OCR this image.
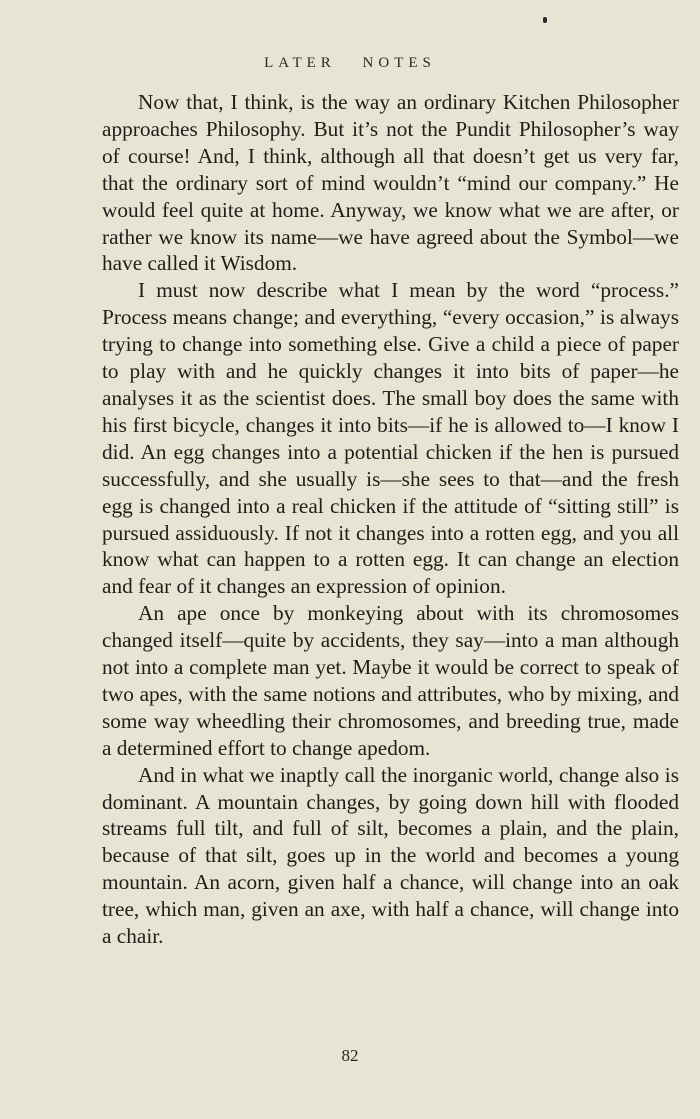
LATER NOTES

Now that, I think, is the way an ordinary Kitchen Philosopher approaches Philosophy. But it’s not the Pundit Philosopher’s way of course! And, I think, although all that doesn’t get us very far, that the ordinary sort of mind wouldn’t “mind our company.” He would feel quite at home. Anyway, we know what we are after, or rather we know its name—we have agreed about the Symbol—we have called it Wisdom.

I must now describe what I mean by the word “process.” Process means change; and everything, “every occasion,” is always trying to change into something else. Give a child a piece of paper to play with and he quickly changes it into bits of paper—he analyses it as the scientist does. The small boy does the same with his first bicycle, changes it into bits—if he is allowed to—I know I did. An egg changes into a potential chicken if the hen is pursued successfully, and she usually is—she sees to that—and the fresh egg is changed into a real chicken if the attitude of “sitting still” is pursued assiduously. If not it changes into a rotten egg, and you all know what can happen to a rotten egg. It can change an election and fear of it changes an expression of opinion.

An ape once by monkeying about with its chromosomes changed itself—quite by accidents, they say—into a man although not into a complete man yet. Maybe it would be correct to speak of two apes, with the same notions and attributes, who by mixing, and some way wheedling their chromosomes, and breeding true, made a determined effort to change apedom.

And in what we inaptly call the inorganic world, change also is dominant. A mountain changes, by going down hill with flooded streams full tilt, and full of silt, becomes a plain, and the plain, because of that silt, goes up in the world and becomes a young mountain. An acorn, given half a chance, will change into an oak tree, which man, given an axe, with half a chance, will change into a chair.

82
